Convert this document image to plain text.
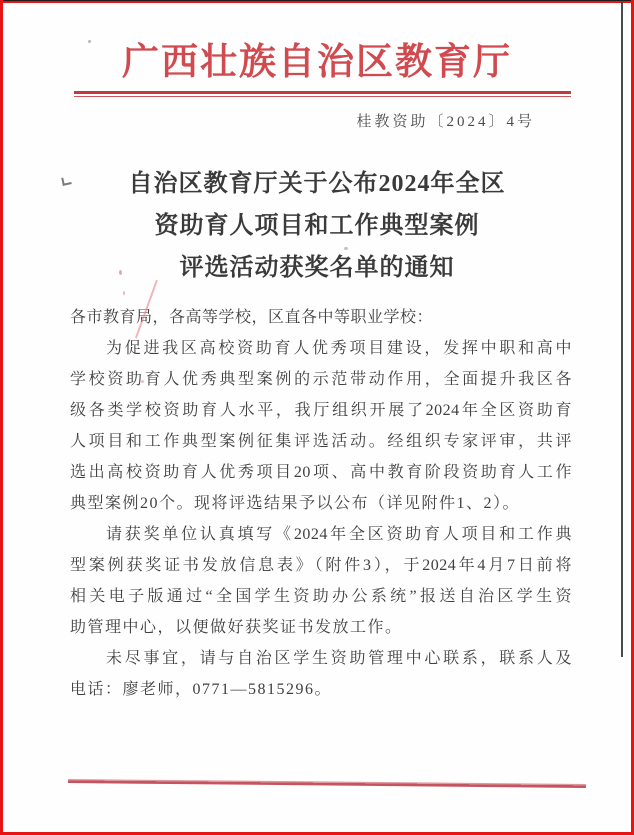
广西壮族自治区教育厅
桂教资助〔2024〕4号
自治区教育厅关于公布2024年全区
资助育人项目和工作典型案例
评选活动获奖名单的通知
各市教育局，各高等学校，区直各中等职业学校：
为促进我区高校资助育人优秀项目建设，发挥中职和高中
学校资助育人优秀典型案例的示范带动作用，全面提升我区各
级各类学校资助育人水平，我厅组织开展了2024年全区资助育
人项目和工作典型案例征集评选活动。经组织专家评审，共评
选出高校资助育人优秀项目20项、高中教育阶段资助育人工作
典型案例20个。现将评选结果予以公布（详见附件1、2）。
请获奖单位认真填写《2024年全区资助育人项目和工作典
型案例获奖证书发放信息表》（附件3），于2024年4月7日前将
相关电子版通过“全国学生资助办公系统”报送自治区学生资
助管理中心，以便做好获奖证书发放工作。
未尽事宜，请与自治区学生资助管理中心联系，联系人及
电话：廖老师，0771—5815296。
